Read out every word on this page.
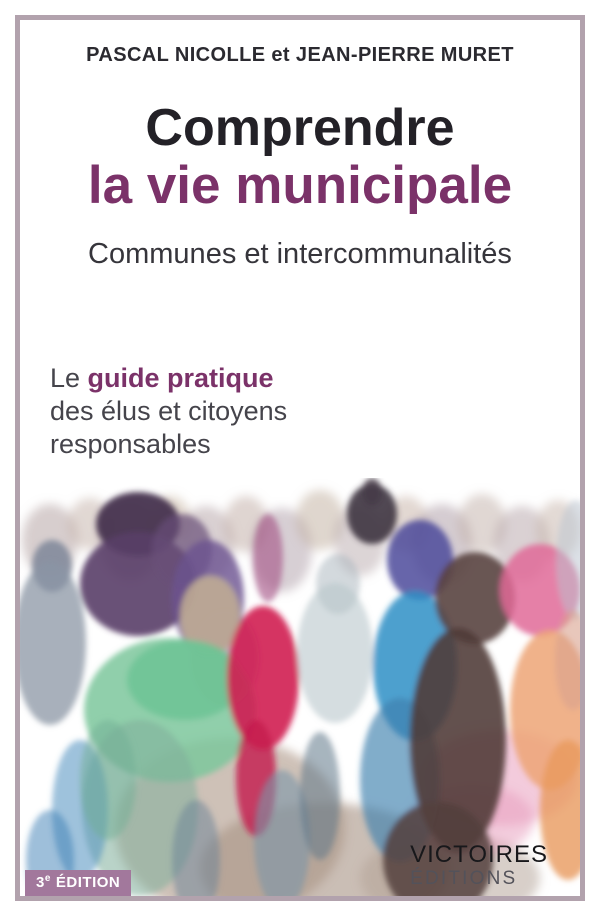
PASCAL NICOLLE et JEAN-PIERRE MURET
Comprendre
la vie municipale
Communes et intercommunalités
Le guide pratique
des élus et citoyens
responsables
3e ÉDITION
VICTOIRES
ÉDITIONS
